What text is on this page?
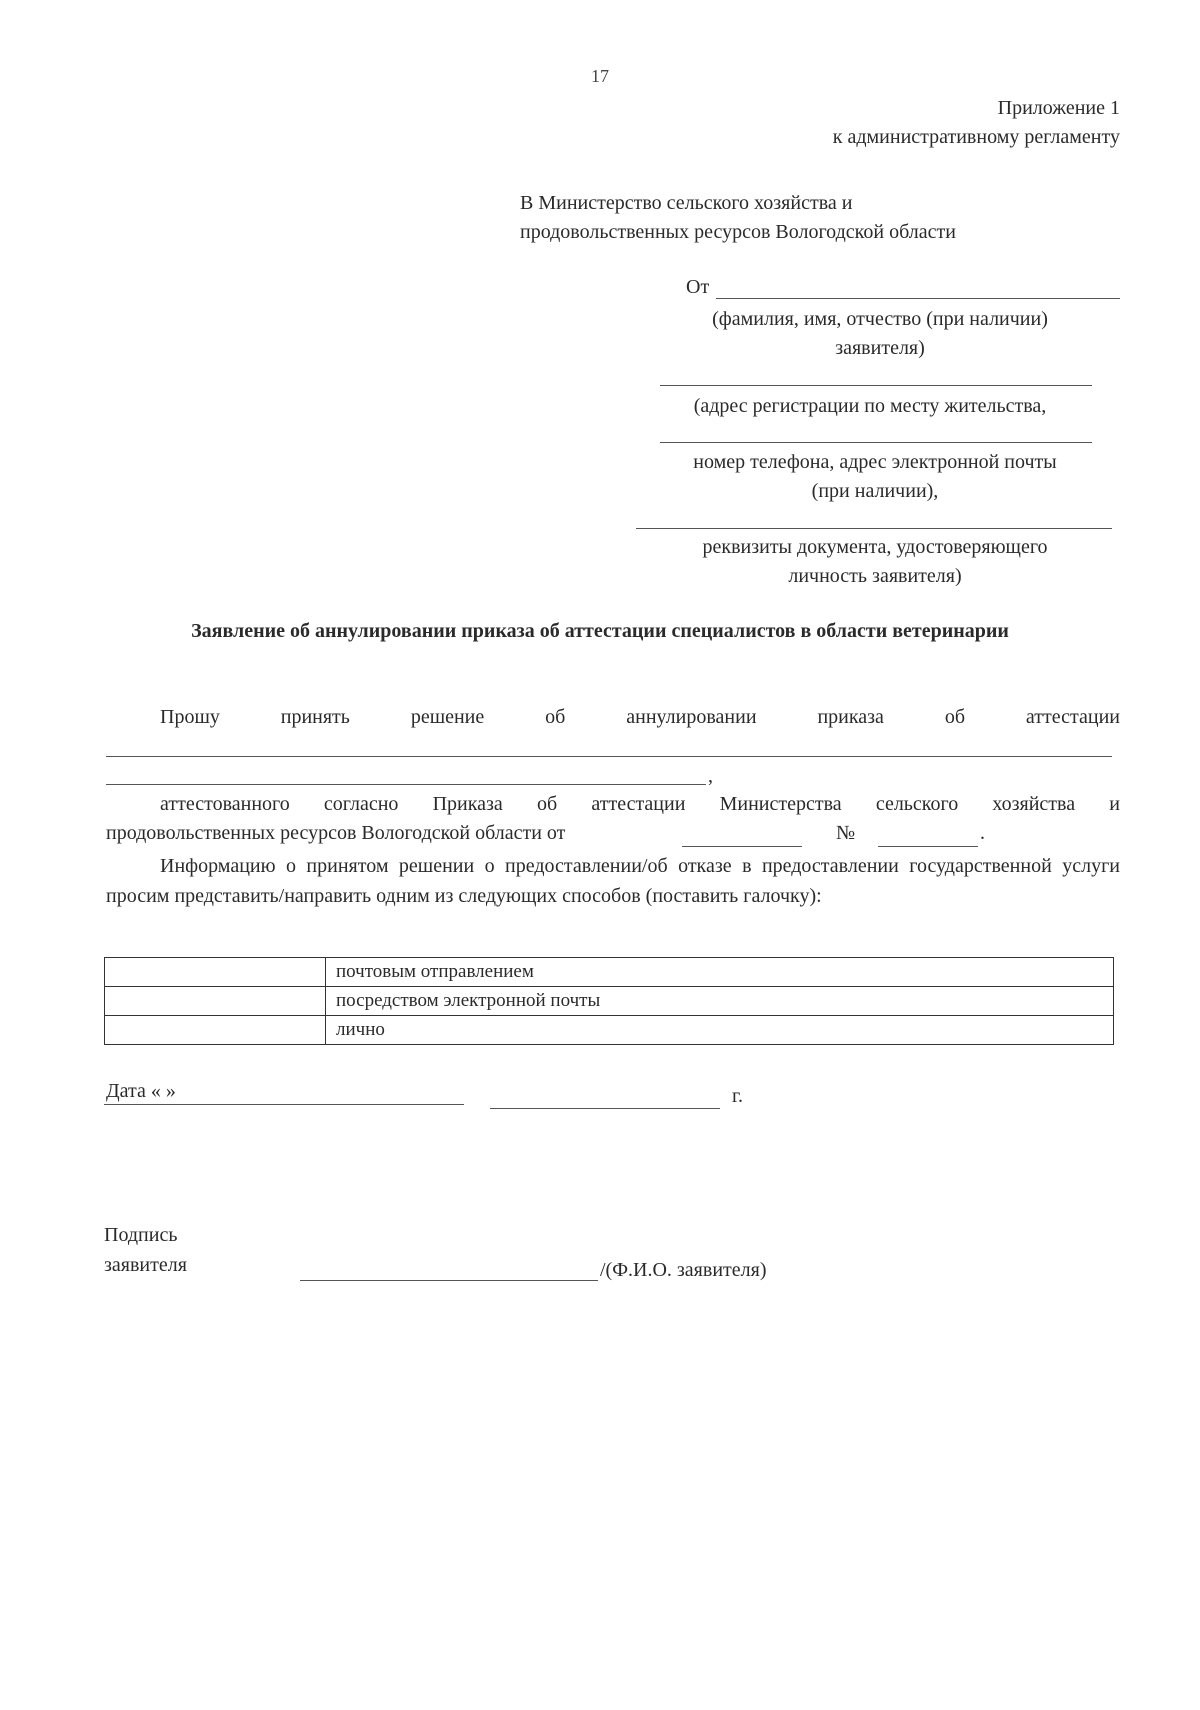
17
Приложение 1
к административному регламенту
В Министерство сельского хозяйства и
продовольственных ресурсов Вологодской области
От
(фамилия, имя, отчество (при наличии)
заявителя)
(адрес регистрации по месту жительства,
номер телефона, адрес электронной почты
(при наличии),
реквизиты документа, удостоверяющего
личность заявителя)
Заявление об аннулировании приказа об аттестации специалистов в области ветеринарии
Прошу	принять	решение	об	аннулировании	приказа	об	аттестации
,
аттестованного согласно Приказа об аттестации Министерства сельского хозяйства и
продовольственных ресурсов Вологодской области от	№	.
Информацию о принятом решении о предоставлении/об отказе в предоставлении государственной услуги просим представить/направить одним из следующих способов (поставить галочку):
	почтовым отправлением
	посредством электронной почты
	лично
Дата « »	г.
Подпись
заявителя	/(Ф.И.О. заявителя)
